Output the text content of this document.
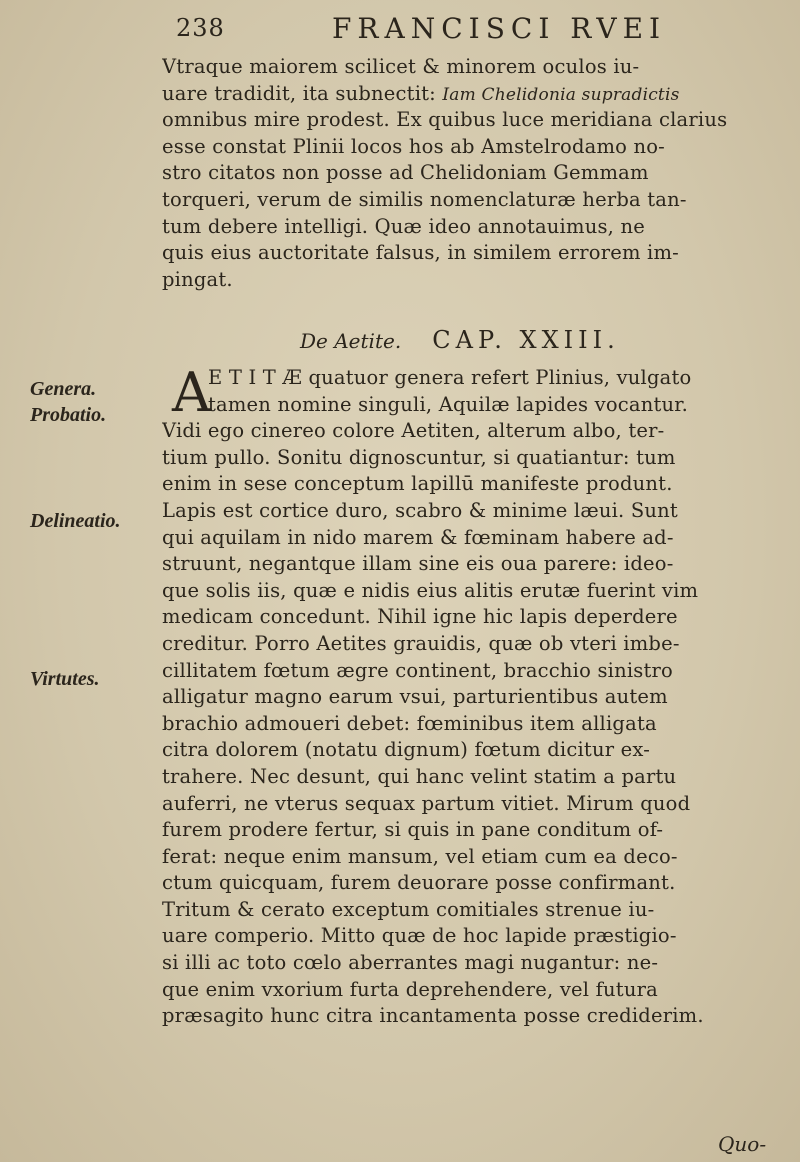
238	FRANCISCI RVEI
Vtraque maiorem scilicet & minorem oculos iu-
uare tradidit, ita subnectit: Iam Chelidonia supradictis
omnibus mire prodest. Ex quibus luce meridiana clarius
esse constat Plinii locos hos ab Amstelrodamo no-
stro citatos non posse ad Chelidoniam Gemmam
torqueri, verum de similis nomenclaturæ herba tan-
tum debere intelligi. Quæ ideo annotauimus, ne
quis eius auctoritate falsus, in similem errorem im-
pingat.
De Aetite. CAP. XXIII.
A
E T I T Æ quatuor genera refert Plinius, vulgato
tamen nomine singuli, Aquilæ lapides vocantur.
Vidi ego cinereo colore Aetiten, alterum albo, ter-
tium pullo. Sonitu dignoscuntur, si quatiantur: tum
enim in sese conceptum lapillū manifeste produnt.
Lapis est cortice duro, scabro & minime læui. Sunt
qui aquilam in nido marem & fœminam habere ad-
struunt, negantque illam sine eis oua parere: ideo-
que solis iis, quæ e nidis eius alitis erutæ fuerint vim
medicam concedunt. Nihil igne hic lapis deperdere
creditur. Porro Aetites grauidis, quæ ob vteri imbe-
cillitatem fœtum ægre continent, bracchio sinistro
alligatur magno earum vsui, parturientibus autem
brachio admoueri debet: fœminibus item alligata
citra dolorem (notatu dignum) fœtum dicitur ex-
trahere. Nec desunt, qui hanc velint statim a partu
auferri, ne vterus sequax partum vitiet. Mirum quod
furem prodere fertur, si quis in pane conditum of-
ferat: neque enim mansum, vel etiam cum ea deco-
ctum quicquam, furem deuorare posse confirmant.
Tritum & cerato exceptum comitiales strenue iu-
uare comperio. Mitto quæ de hoc lapide præstigio-
si illi ac toto cœlo aberrantes magi nugantur: ne-
que enim vxorium furta deprehendere, vel futura
præsagito hunc citra incantamenta posse crediderim.
Genera.
Probatio.
Delineatio.
Virtutes.
Quo-
